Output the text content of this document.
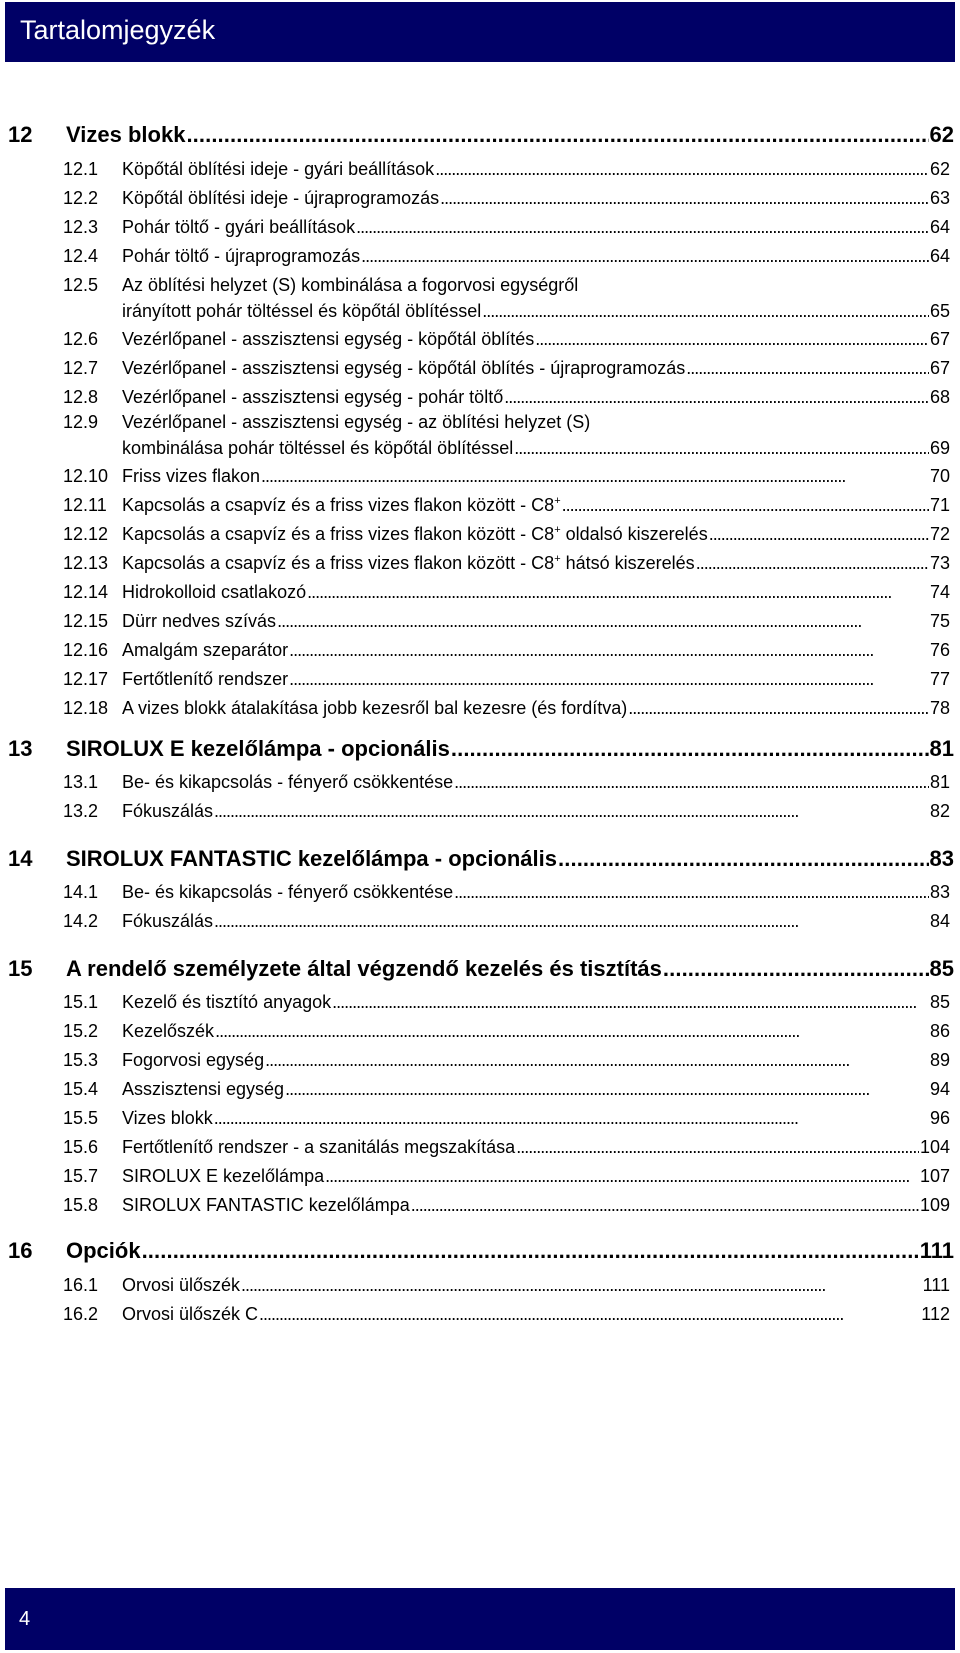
Tartalomjegyzék
12 Vizes blokk . . .	62
12.1 Köpőtál öblítési ideje - gyári beállítások . . .	62
12.2 Köpőtál öblítési ideje - újraprogramozás . . .	63
12.3 Pohár töltő - gyári beállítások . . .	64
12.4 Pohár töltő - újraprogramozás . . .	64
12.5 Az öblítési helyzet (S) kombinálása a fogorvosi egységről
irányított pohár töltéssel és köpőtál öblítéssel . . .	65
12.6 Vezérlőpanel - asszisztensi egység - köpőtál öblítés . . .	67
12.7 Vezérlőpanel - asszisztensi egység - köpőtál öblítés - újraprogramozás . . .	67
12.8 Vezérlőpanel - asszisztensi egység - pohár töltő . . .	68
12.9 Vezérlőpanel - asszisztensi egység - az öblítési helyzet (S)
kombinálása pohár töltéssel és köpőtál öblítéssel . . .	69
12.10 Friss vizes flakon . . .	70
12.11 Kapcsolás a csapvíz és a friss vizes flakon között - C8+ . . .	71
12.12 Kapcsolás a csapvíz és a friss vizes flakon között - C8+ oldalsó kiszerelés . . .	72
12.13 Kapcsolás a csapvíz és a friss vizes flakon között - C8+ hátsó kiszerelés . . .	73
12.14 Hidrokolloid csatlakozó . . .	74
12.15 Dürr nedves szívás . . .	75
12.16 Amalgám szeparátor . . .	76
12.17 Fertőtlenítő rendszer . . .	77
12.18 A vizes blokk átalakítása jobb kezesről bal kezesre (és fordítva) . . .	78
13 SIROLUX E kezelőlámpa - opcionális . . .	81
13.1 Be- és kikapcsolás - fényerő csökkentése . . .	81
13.2 Fókuszálás . . .	82
14 SIROLUX FANTASTIC kezelőlámpa - opcionális . . .	83
14.1 Be- és kikapcsolás - fényerő csökkentése . . .	83
14.2 Fókuszálás . . .	84
15 A rendelő személyzete által végzendő kezelés és tisztítás . . .	85
15.1 Kezelő és tisztító anyagok . . .	85
15.2 Kezelőszék . . .	86
15.3 Fogorvosi egység . . .	89
15.4 Asszisztensi egység . . .	94
15.5 Vizes blokk . . .	96
15.6 Fertőtlenítő rendszer - a szanitálás megszakítása . . .	104
15.7 SIROLUX E kezelőlámpa . . .	107
15.8 SIROLUX FANTASTIC kezelőlámpa . . .	109
16 Opciók . . .	111
16.1 Orvosi ülőszék . . .	111
16.2 Orvosi ülőszék C . . .	112
4
